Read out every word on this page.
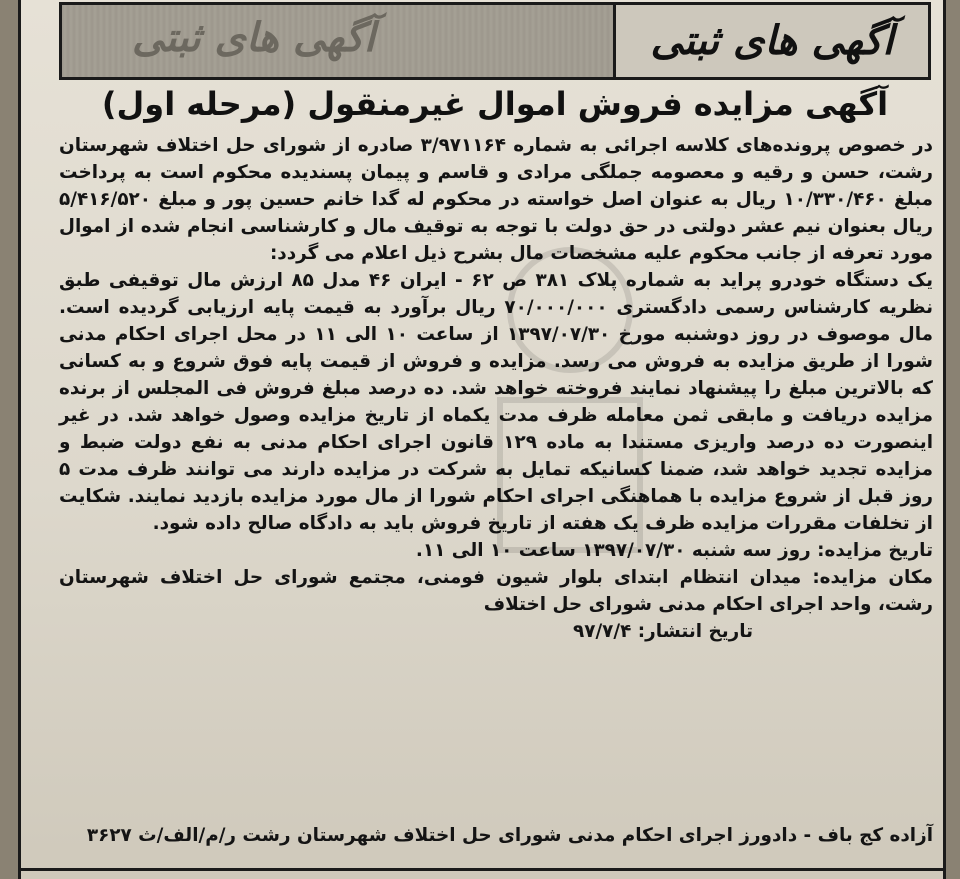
آگهی های ثبتی	آگهی های ثبتی
آگهی مزایده فروش اموال غیرمنقول (مرحله اول)

در خصوص پرونده‌های کلاسه اجرائی به شماره ۳/۹۷۱۱۶۴ صادره از شورای حل اختلاف شهرستان رشت، حسن و رقیه و معصومه جملگی مرادی و قاسم و پیمان پسندیده محکوم است به پرداخت مبلغ ۱۰/۳۳۰/۴۶۰ ریال به عنوان اصل خواسته در محکوم له گدا خانم حسین پور و مبلغ ۵/۴۱۶/۵۲۰ ریال بعنوان نیم عشر دولتی در حق دولت با توجه به توقیف مال و کارشناسی انجام شده از اموال مورد تعرفه از جانب محکوم علیه مشخصات مال بشرح ذیل اعلام می گردد:

یک دستگاه خودرو پراید به شماره پلاک ۳۸۱ ص ۶۲ - ایران ۴۶ مدل ۸۵ ارزش مال توقیفی طبق نظریه کارشناس رسمی دادگستری ۷۰/۰۰۰/۰۰۰ ریال برآورد به قیمت پایه ارزیابی گردیده است. مال موصوف در روز دوشنبه مورخ ۱۳۹۷/۰۷/۳۰ از ساعت ۱۰ الی ۱۱ در محل اجرای احکام مدنی شورا از طریق مزایده به فروش می رسد. مزایده و فروش از قیمت پایه فوق شروع و به کسانی که بالاترین مبلغ را پیشنهاد نمایند فروخته خواهد شد. ده درصد مبلغ فروش فی المجلس از برنده مزایده دریافت و مابقی ثمن معامله ظرف مدت یکماه از تاریخ مزایده وصول خواهد شد. در غیر اینصورت ده درصد واریزی مستندا به ماده ۱۲۹ قانون اجرای احکام مدنی به نفع دولت ضبط و مزایده تجدید خواهد شد، ضمنا کسانیکه تمایل به شرکت در مزایده دارند می توانند ظرف مدت ۵ روز قبل از شروع مزایده با هماهنگی اجرای احکام شورا از مال مورد مزایده بازدید نمایند. شکایت از تخلفات مقررات مزایده ظرف یک هفته از تاریخ فروش باید به دادگاه صالح داده شود.

تاریخ مزایده: روز سه شنبه ۱۳۹۷/۰۷/۳۰ ساعت ۱۰ الی ۱۱.

مکان مزایده: میدان انتظام ابتدای بلوار شیون فومنی، مجتمع شورای حل اختلاف شهرستان رشت، واحد اجرای احکام مدنی شورای حل اختلاف

تاریخ انتشار: ۹۷/۷/۴

آزاده کج باف - دادورز اجرای احکام مدنی شورای حل اختلاف شهرستان رشت ر/م/الف/ث ۳۶۲۷
